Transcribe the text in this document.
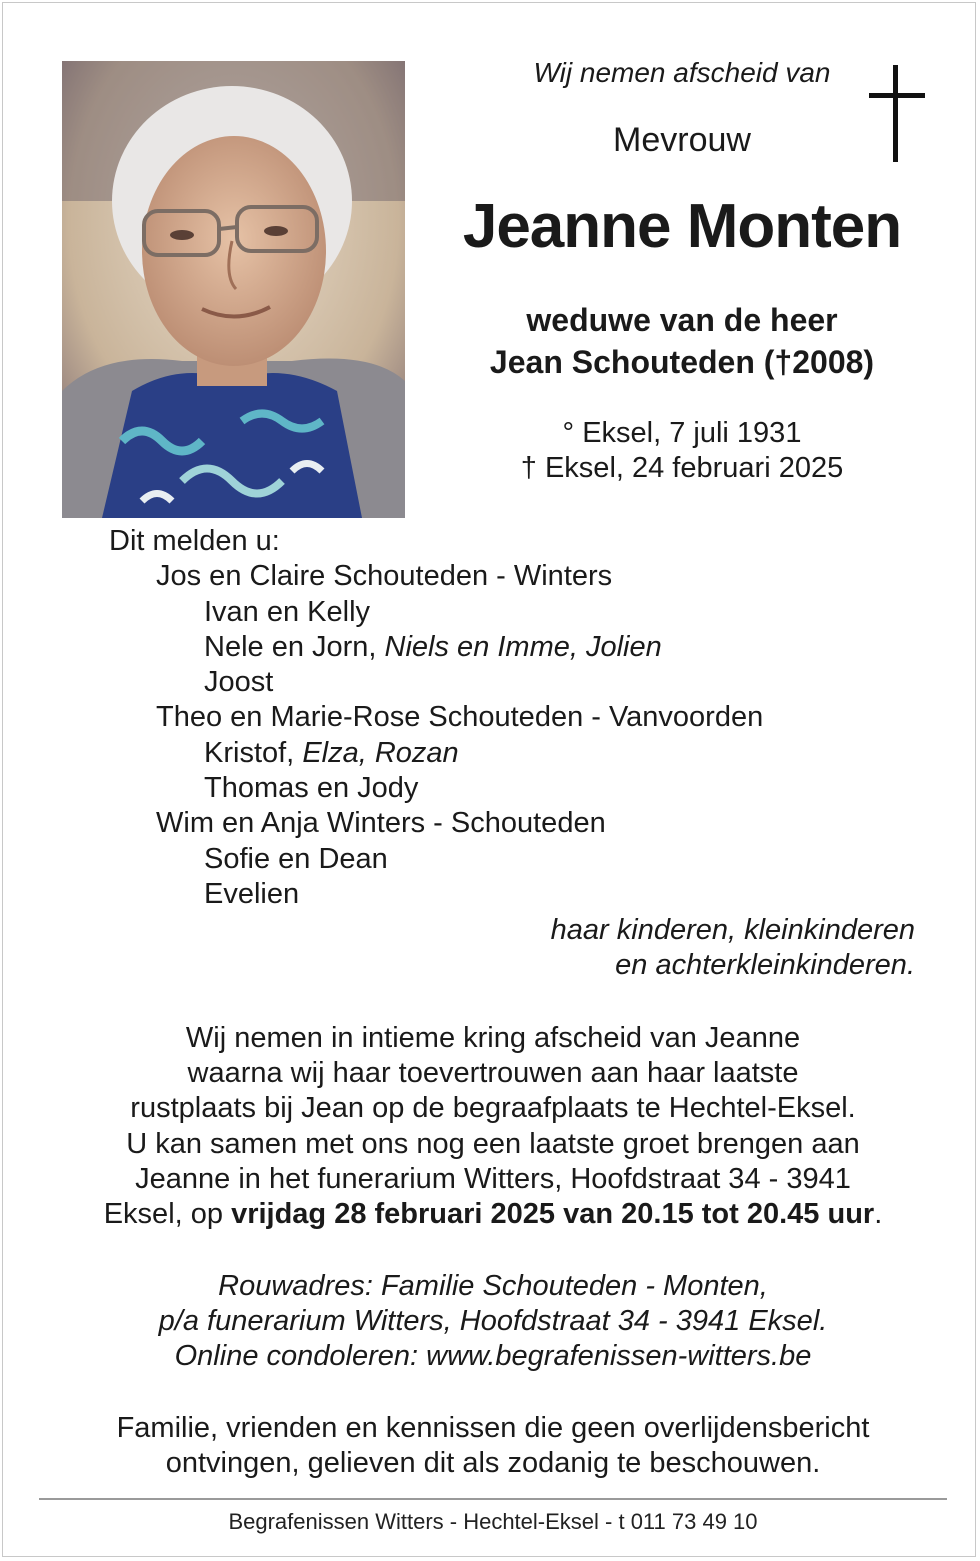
Wij nemen afscheid van
Mevrouw
Jeanne Monten
weduwe van de heer
Jean Schouteden (†2008)
° Eksel, 7 juli 1931
† Eksel, 24 februari 2025
Dit melden u:
Jos en Claire Schouteden - Winters
Ivan en Kelly
Nele en Jorn, Niels en Imme, Jolien
Joost
Theo en Marie-Rose Schouteden - Vanvoorden
Kristof, Elza, Rozan
Thomas en Jody
Wim en Anja Winters - Schouteden
Sofie en Dean
Evelien
haar kinderen, kleinkinderen
en achterkleinkinderen.
Wij nemen in intieme kring afscheid van Jeanne
waarna wij haar toevertrouwen aan haar laatste
rustplaats bij Jean op de begraafplaats te Hechtel-Eksel.
U kan samen met ons nog een laatste groet brengen aan
Jeanne in het funerarium Witters, Hoofdstraat 34 - 3941
Eksel, op vrijdag 28 februari 2025 van 20.15 tot 20.45 uur.
Rouwadres: Familie Schouteden - Monten,
p/a funerarium Witters, Hoofdstraat 34 - 3941 Eksel.
Online condoleren: www.begrafenissen-witters.be
Familie, vrienden en kennissen die geen overlijdensbericht
ontvingen, gelieven dit als zodanig te beschouwen.
Begrafenissen Witters - Hechtel-Eksel - t 011 73 49 10
